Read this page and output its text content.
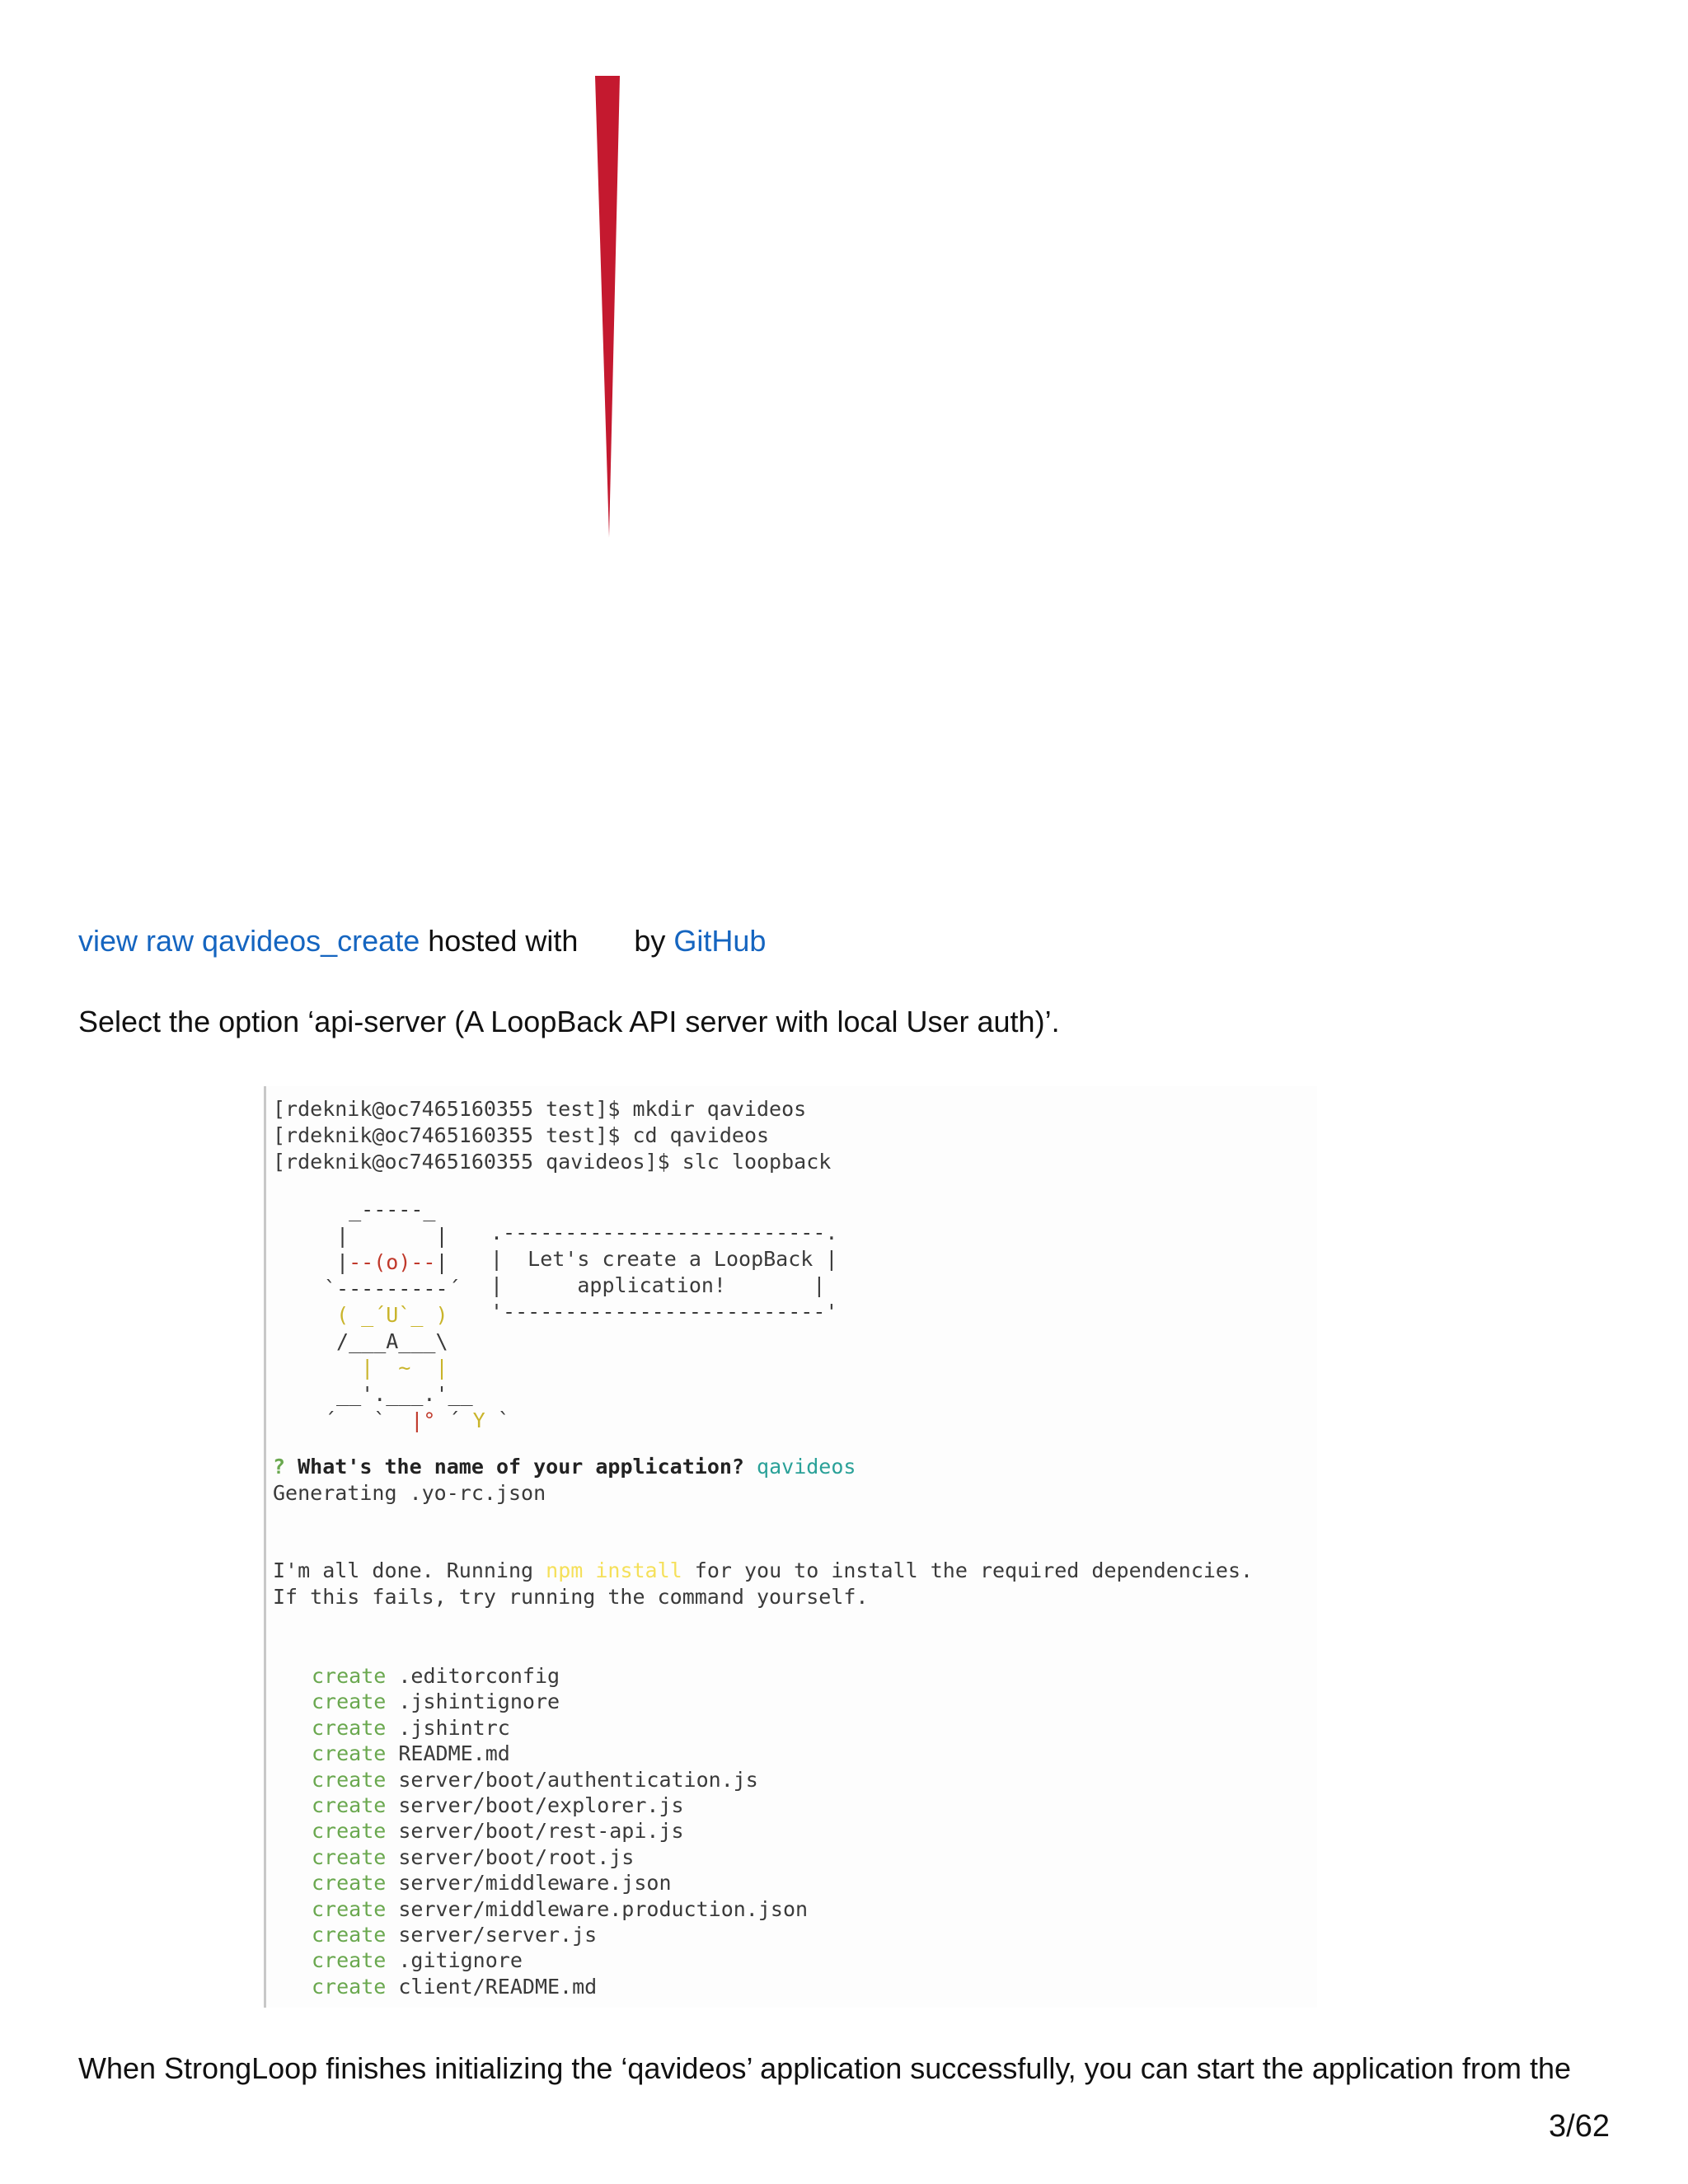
view raw qavideos_create hosted with by GitHub
Select the option ‘api-server (A LoopBack API server with local User auth)’.
[rdeknik@oc7465160355 test]$ mkdir qavideos
[rdeknik@oc7465160355 test]$ cd qavideos
[rdeknik@oc7465160355 qavideos]$ slc loopback
_-----_
|       |
|--(o)--|
`---------´
( _´U`_ )
/___A___\
|  ~  |
__'.___.'__
´   `  |° ´ Y `
.--------------------------.
|  Let's create a LoopBack |
|      application!       |
'--------------------------'
? What's the name of your application? qavideos
Generating .yo-rc.json
I'm all done. Running npm install for you to install the required dependencies.
If this fails, try running the command yourself.
create .editorconfig
create .jshintignore
create .jshintrc
create README.md
create server/boot/authentication.js
create server/boot/explorer.js
create server/boot/rest-api.js
create server/boot/root.js
create server/middleware.json
create server/middleware.production.json
create server/server.js
create .gitignore
create client/README.md
When StrongLoop finishes initializing the ‘qavideos’ application successfully, you can start the application from the
3/62
